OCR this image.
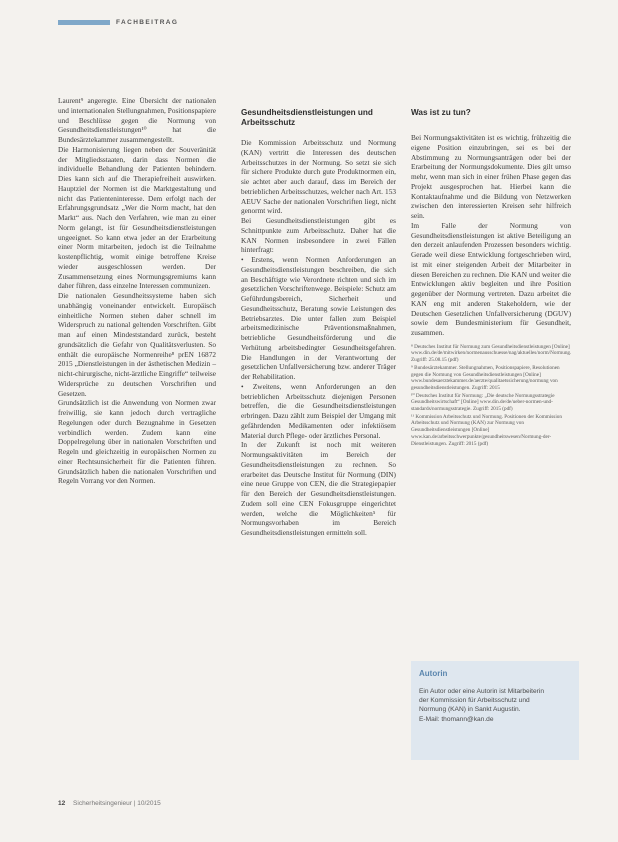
FACHBEITRAG

Laurent⁹ angeregte. Eine Übersicht der nationalen und internationalen Stellungnahmen, Positionspapiere und Beschlüsse gegen die Normung von Gesundheitsdienstleistungen¹⁰ hat die Bundesärztekammer zusammengestellt.

Die Harmonisierung liegen neben der Souveränität der Mitgliedsstaaten, darin dass Normen die individuelle Behandlung der Patienten behindern. Dies kann sich auf die Therapiefreiheit auswirken. Hauptziel der Normen ist die Marktgestaltung und nicht das Patienteninteresse. Dem erfolgt nach der Erfahrungsgrundsatz „Wer die Norm macht, hat den Markt“ aus. Nach den Verfahren, wie man zu einer Norm gelangt, ist für Gesundheitsdienstleistungen ungeeignet. So kann etwa jeder an der Erarbeitung einer Norm mitarbeiten, jedoch ist die Teilnahme kostenpflichtig, womit einige betroffene Kreise wieder ausgeschlossen werden. Der Zusammensetzung eines Normungsgremiums kann daher führen, dass einzelne Interessen communizen.

Die nationalen Gesundheitssysteme haben sich unabhängig voneinander entwickelt. Europäisch einheitliche Normen stehen daher schnell im Widerspruch zu national geltenden Vorschriften. Gibt man auf einen Mindeststandard zurück, besteht grundsätzlich die Gefahr von Qualitätsverlusten. So enthält die europäische Normenreihe⁸ prEN 16872 2015 „Dienstleistungen in der ästhetischen Medizin – nicht-chirurgische, nicht-ärztliche Eingriffe“ teilweise Widersprüche zu deutschen Vorschriften und Gesetzen.

Grundsätzlich ist die Anwendung von Normen zwar freiwillig, sie kann jedoch durch vertragliche Regelungen oder durch Bezugnahme in Gesetzen verbindlich werden. Zudem kann eine Doppelregelung über in nationalen Vorschriften und Regeln und gleichzeitig in europäischen Normen zu einer Rechtsunsicherheit für die Patienten führen. Grundsätzlich haben die nationalen Vorschriften und Regeln Vorrang vor den Normen.

Gesundheitsdienstleistungen und Arbeitsschutz

Die Kommission Arbeitsschutz und Normung (KAN) vertritt die Interessen des deutschen Arbeitsschutzes in der Normung. So setzt sie sich für sichere Produkte durch gute Produktnormen ein, sie achtet aber auch darauf, dass im Bereich der betrieblichen Arbeitsschutzes, welcher nach Art. 153 AEUV Sache der nationalen Vorschriften liegt, nicht genormt wird.

Bei Gesundheitsdienstleistungen gibt es Schnittpunkte zum Arbeitsschutz. Daher hat die KAN Normen insbesondere in zwei Fällen hinterfragt:

• Erstens, wenn Normen Anforderungen an Gesundheitsdienstleistungen beschreiben, die sich an Beschäftigte wie Verordnete richten und sich im gesetzlichen Vorschriftenwege. Beispiele: Schutz am Geführdungsbereich, Sicherheit und Gesundheitsschutz, Beratung sowie Leistungen des Betriebsarztes. Die unter fallen zum Beispiel arbeitsmedizinische Präventionsmaßnahmen, betriebliche Gesundheitsförderung und die Verhütung arbeitsbedingter Gesundheitsgefahren. Die Handlungen in der Verantwortung der gesetzlichen Unfallversicherung bzw. anderer Träger der Rehabilitation.

• Zweitens, wenn Anforderungen an den betrieblichen Arbeitsschutz diejenigen Personen betreffen, die die Gesundheitsdienstleistungen erbringen. Dazu zählt zum Beispiel der Umgang mit gefährdenden Medikamenten oder infektiösem Material durch Pflege- oder ärztliches Personal.

In der Zukunft ist noch mit weiteren Normungsaktivitäten im Bereich der Gesundheitsdienstleistungen zu rechnen. So erarbeitet das Deutsche Institut für Normung (DIN) eine neue Gruppe von CEN, die die Strategiepapier für den Bereich der Gesundheitsdienstleistungen. Zudem soll eine CEN Fokusgruppe eingerichtet werden, welche die Möglichkeiten⁵ für Normungsvorhaben im Bereich Gesundheitsdienstleistungen ermitteln soll.

Was ist zu tun?

Bei Normungsaktivitäten ist es wichtig, frühzeitig die eigene Position einzubringen, sei es bei der Abstimmung zu Normungsanträgen oder bei der Erarbeitung der Normungsdokumente. Dies gilt umso mehr, wenn man sich in einer frühen Phase gegen das Projekt ausgesprochen hat. Hierbei kann die Kontaktaufnahme und die Bildung von Netzwerken zwischen den interessierten Kreisen sehr hilfreich sein.

Im Falle der Normung von Gesundheitsdienstleistungen ist aktive Beteiligung an den derzeit anlaufenden Prozessen besonders wichtig. Gerade weil diese Entwicklung fortgeschrieben wird, ist mit einer steigenden Arbeit der Mitarbeiter in diesen Bereichen zu rechnen. Die KAN und weiter die Entwicklungen aktiv begleiten und ihre Position gegenüber der Normung vertreten. Dazu arbeitet die KAN eng mit anderen Stakeholdern, wie der Deutschen Gesetzlichen Unfallversicherung (DGUV) sowie dem Bundesministerium für Gesundheit, zusammen.

⁸ Deutsches Institut für Normung zum Gesundheitsdienstleistungen [Online] www.din.de/de/mitwirken/normenausschuesse/nag/aktuelles/norm/Normung. Zugriff: 25.08.15 (pdf)

⁹ Bundesärztekammer. Stellungnahmen, Positionspapiere, Resolutionen gegen die Normung von Gesundheitsdienstleistungen [Online] www.bundesaerztekammer.de/aerzte/qualitaetssicherung/normung von gesundheitsdienstleistungen. Zugriff: 2015

¹⁰ Deutsches Institut für Normung: „Die deutsche Normungsstrategie Gesundheitswirtschaft“ [Online] www.din.de/de/ueber-normen-und-standards/normungsstrategie. Zugriff: 2015 (pdf)

¹¹ Kommission Arbeitsschutz und Normung. Positionen der Kommission Arbeitsschutz und Normung (KAN) zur Normung von Gesundheitsdienstleistungen [Online] www.kan.de/arbeitsschwerpunkte/gesundheitswesen/Normung-der-Dienstleistungen. Zugriff: 2015 (pdf)

Autorin
Ein Autor oder eine Autorin ist Mitarbeiterin
der Kommission für Arbeitsschutz und
Normung (KAN) in Sankt Augustin.
E-Mail: thomann@kan.de
12 Sicherheitsingenieur | 10/2015
